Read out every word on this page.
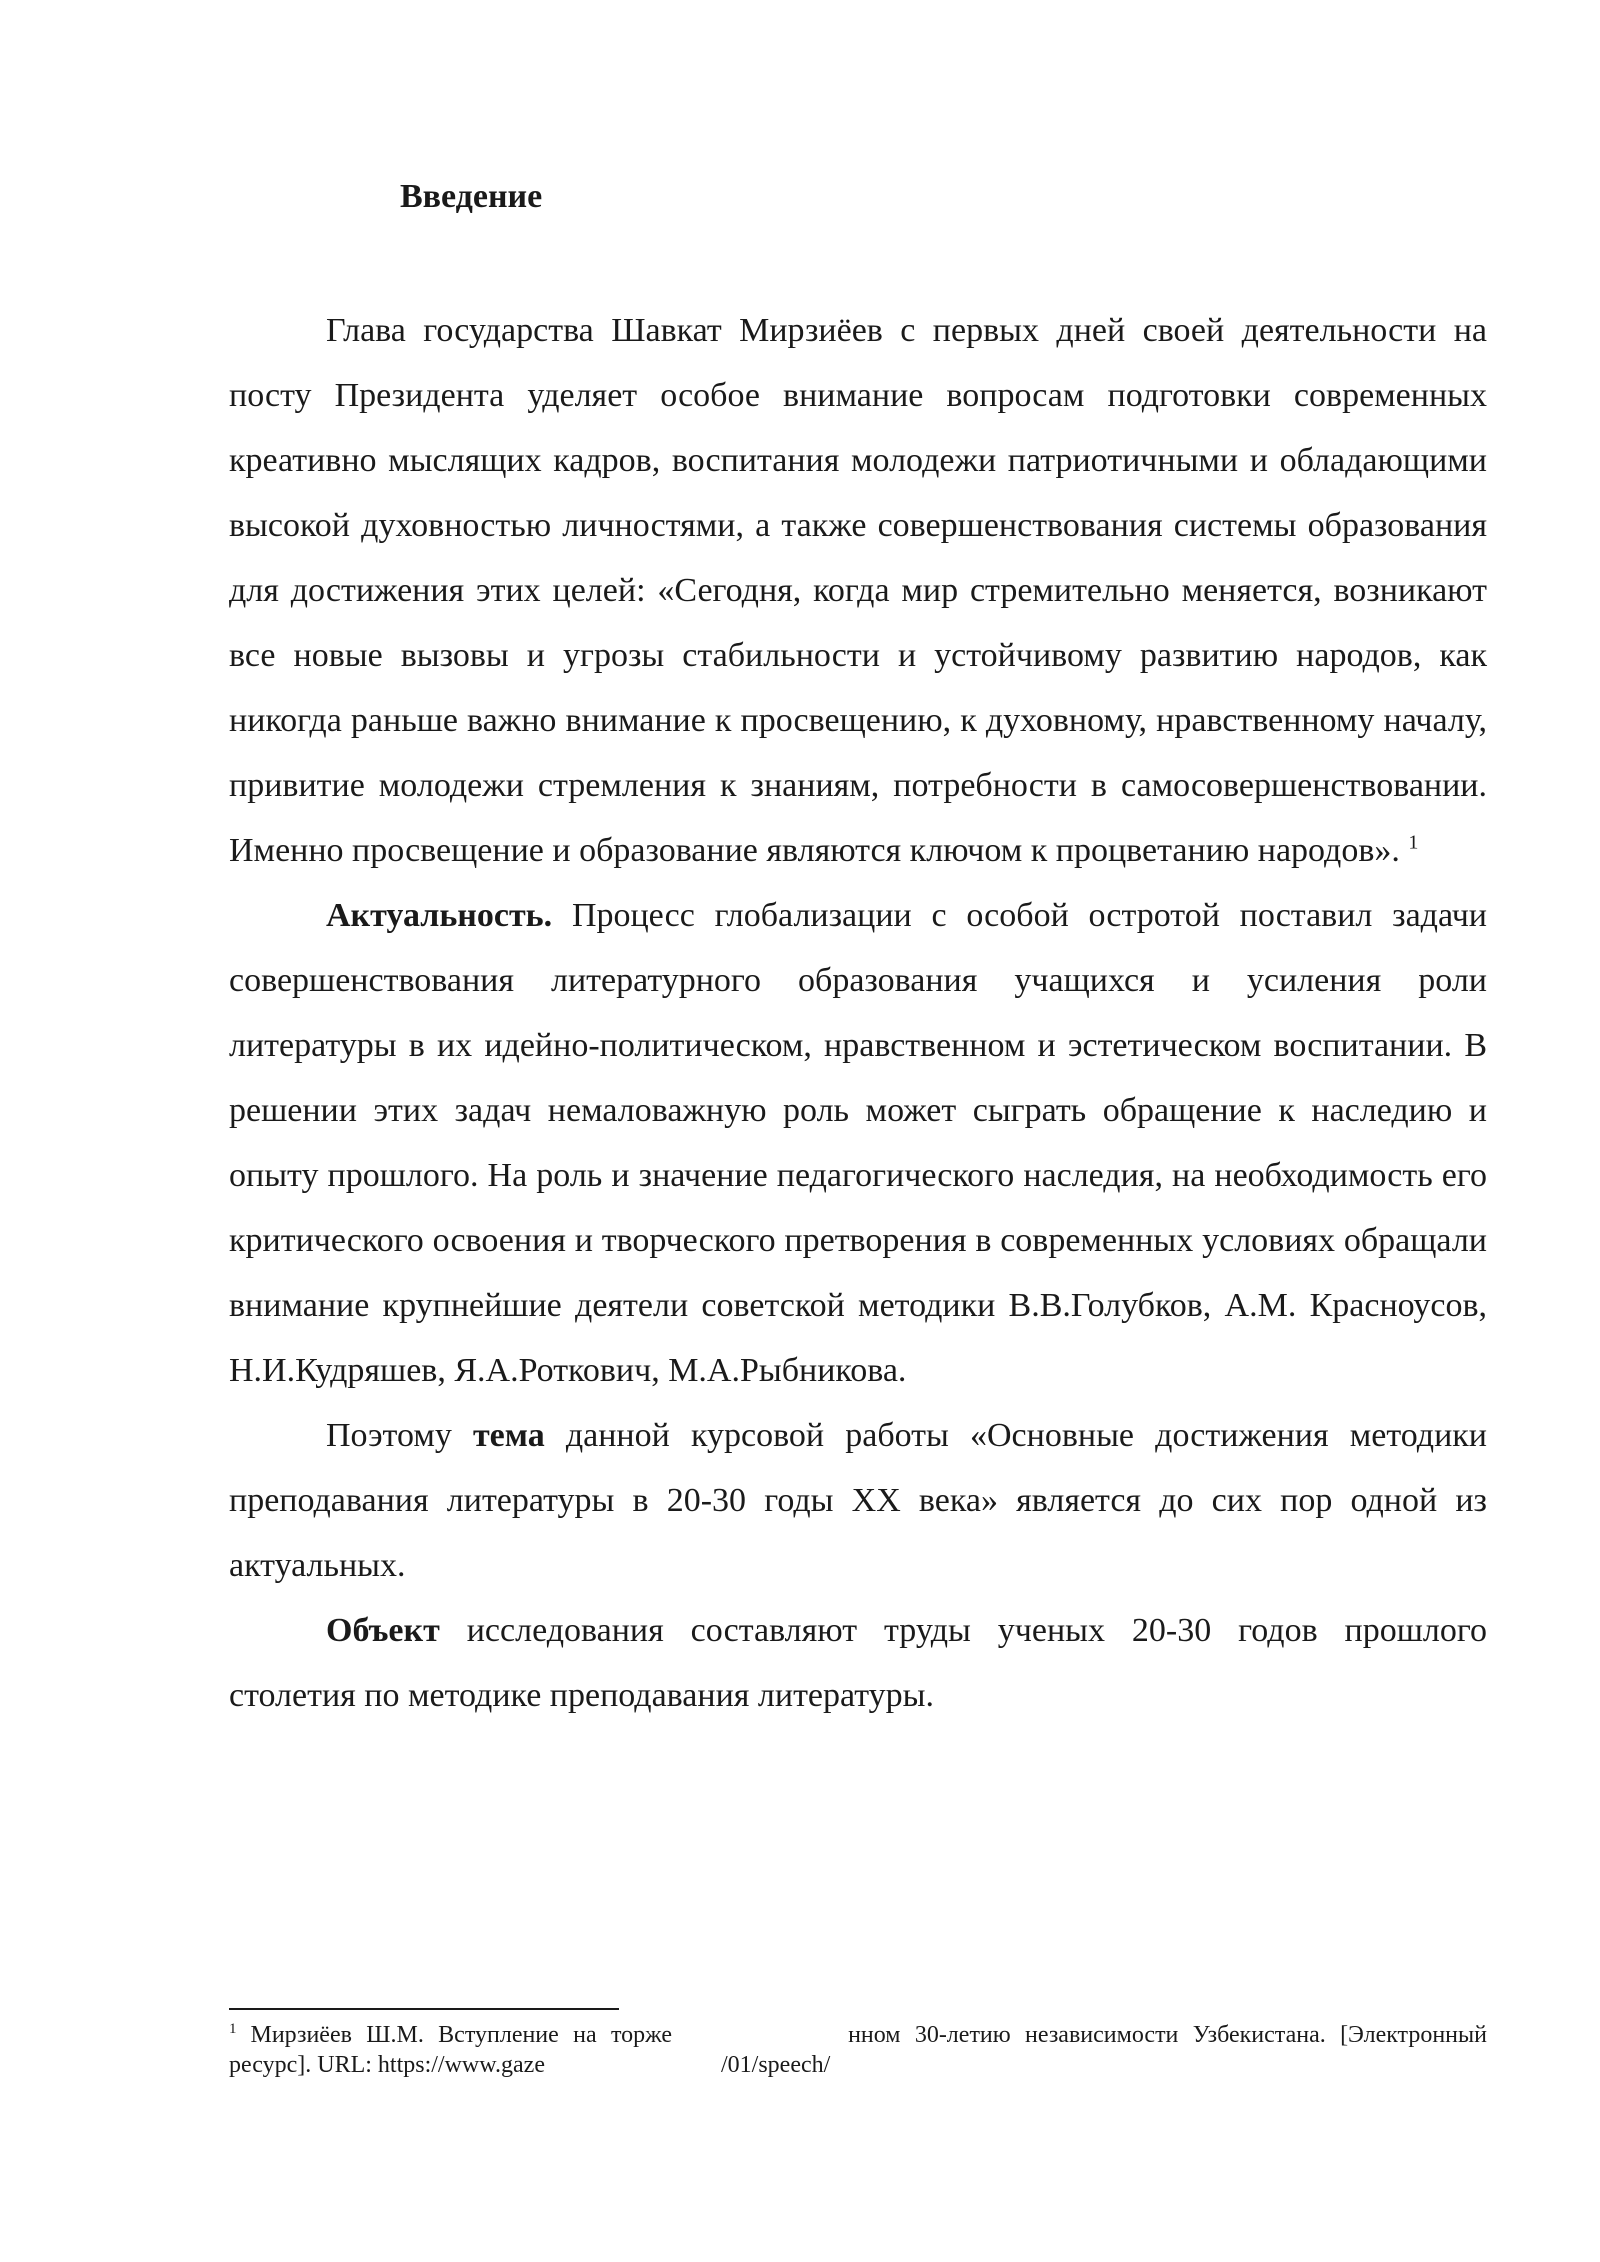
Введение

Глава государства Шавкат Мирзиёев с первых дней своей деятельности на посту Президента уделяет особое внимание вопросам подготовки современных креативно мыслящих кадров, воспитания молодежи патриотичными и обладающими высокой духовностью личностями, а также совершенствования системы образования для достижения этих целей: «Сегодня, когда мир стремительно меняется, возникают все новые вызовы и угрозы стабильности и устойчивому развитию народов, как никогда раньше важно внимание к просвещению, к духовному, нравственному началу, привитие молодежи стремления к знаниям, потребности в самосовершенствовании. Именно просвещение и образование являются ключом к процветанию народов». $^1$

Актуальность. Процесс глобализации с особой остротой поставил задачи совершенствования литературного образования учащихся и усиления роли литературы в их идейно-политическом, нравственном и эстетическом воспитании. В решении этих задач немаловажную роль может сыграть обращение к наследию и опыту прошлого. На роль и значение педагогического наследия, на необходимость его критического освоения и творческого претворения в современных условиях обращали внимание крупнейшие деятели советской методики В.В.Голубков, А.М. Красноусов, Н.И.Кудряшев, Я.А.Роткович, М.А.Рыбникова.

Поэтому тема данной курсовой работы «Основные достижения методики преподавания литературы в 20-30 годы XX века» является до сих пор одной из актуальных.

Объект исследования составляют труды ученых 20-30 годов прошлого столетия по методике преподавания литературы.

$^1$ Мирзиёев Ш.М. Вступление на торже	нном 30-летию независимости Узбекистана. [Электронный ресурс]. URL: https://www.gaze	/01/speech/
